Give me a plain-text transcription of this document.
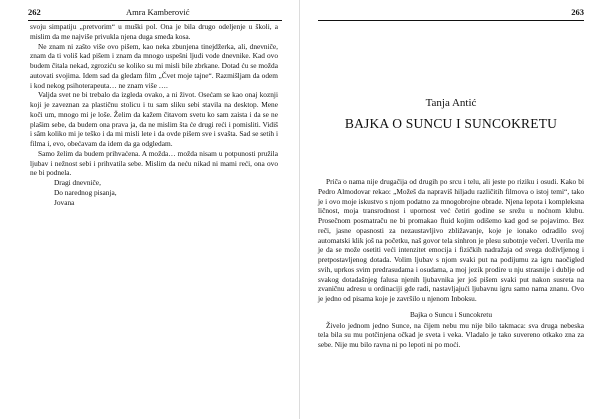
262	Amra Kamberović

svoju simpatiju „pretvorim“ u muški pol. Ona je bila drugo odeljenje u školi, a mislim da me najviše privukla njena duga smeđa kosa.

Ne znam ni zašto više ovo pišem, kao neka zbunjena tinejdžerka, ali, dnevniče, znam da ti voliš kad pišem i znam da mnogo uspešni ljudi vode dnevnike. Kad ovo budem čitala nekad, zgroziću se koliko su mi misli bile zbrkane. Dotad ću se možda autovati svojima. Idem sad da gledam film „Čvet moje tajne“. Razmišljam da odem i kod nekog psihoterapeuta… ne znam više ….

Valjda svet ne bi trebalo da izgleda ovako, a ni život. Osećam se kao onaj koznji koji je zaveznan za plastičnu stolicu i tu sam sliku sebi stavila na desktop. Mene koči um, mnogo mi je loše. Želim da kažem čitavom svetu ko sam zaista i da se ne plašim sebe, da budem ona prava ja, da ne mislim šta će drugi reći i pomisliti. Vidiš i sâm koliko mi je teško i da mi misli lete i da ovde pišem sve i svašta. Sad se setih i filma i, evo, obećavam da idem da ga odgledam.

Samo želim da budem prihvaćena. A možda… možda nisam u potpunosti pružila ljubav i nežnost sebi i prihvatila sebe. Mislim da neću nikad ni mami reći, ona ovo ne bi podnela.

Dragi dnevniče,

Do narednog pisanja,

Jovana

263
Tanja Antić
BAJKA O SUNCU I SUNCOKRETU

Priča o nama nije drugačija od drugih po srcu i telu, ali jeste po riziku i osudi. Kako bi Pedro Almodovar rekao: „Možeš da napraviš hiljadu različitih filmova o istoj temi“, tako je i ovo moje iskustvo s njom podatno za mnogobrojne obrade. Njena lepota i kompleksna ličnost, moja transrodnost i upornost već četiri godine se srežu u noćnom klubu. Prosečnom posmatraču ne bi promakao fluid kojim odišemo kad god se pojavimo. Bez reči, jasne opasnosti za nezaustavljivo zbližavanje, koje je ionako odradilo svoj automatski klik još na početku, naš govor tela sinhron je plesu subotnje večeri. Uverila me je da se može osetiti veći intenzitet emocija i fizičkih nadražaja od svega doživljenog i pretpostavljenog dotada. Volim ljubav s njom svaki put na podijumu za igru naočigled svih, uprkos svim predrasudama i osudama, a moj jezik prodire u nju strasnije i dublje od svakog dotadašnjeg falusa njenih ljubavnika jer još pišem svaki put nakon susreta na zvaničnu adresu u ordinaciji gde radi, nastavljajući ljubavnu igru samo nama znanu. Ovo je jedno od pisama koje je završilo u njenom Inboksu.

Bajka o Suncu i Suncokretu

Živelo jednom jedno Sunce, na čijem nebu mu nije bilo takmaca: sva druga nebeska tela bila su mu potčinjena očkad je sveta i veka. Vladalo je tako suvereno otkako zna za sebe. Nije mu bilo ravna ni po lepoti ni po moći.
